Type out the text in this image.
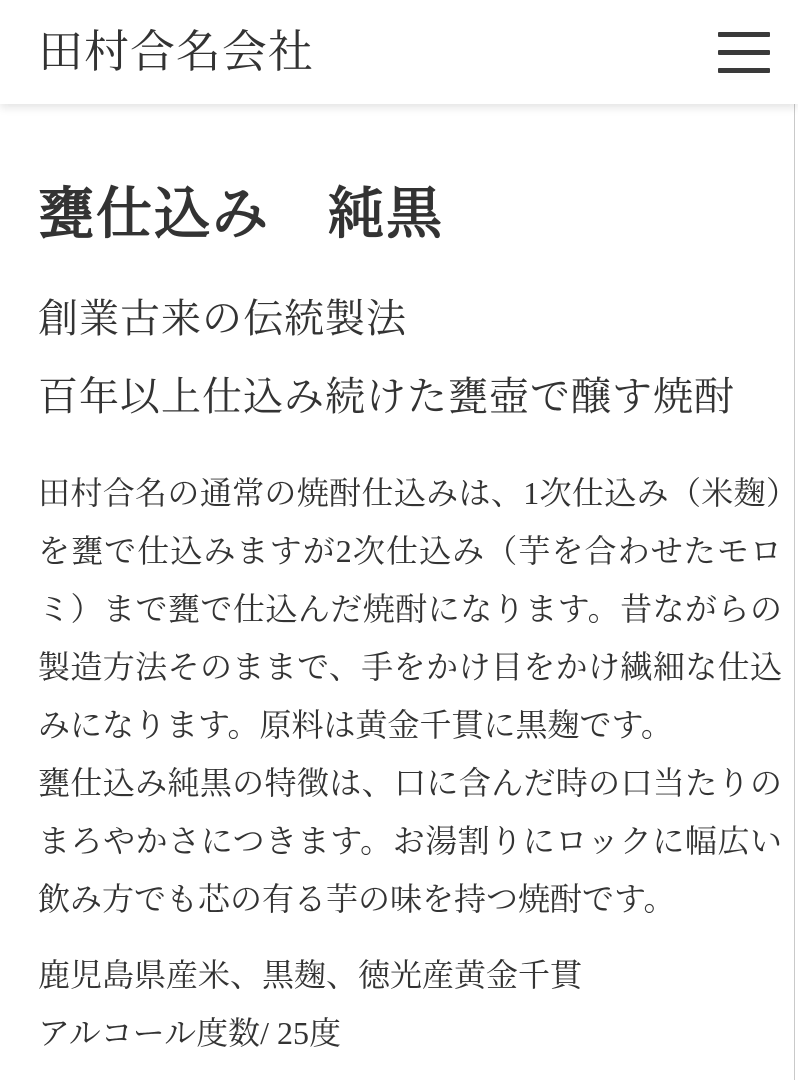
田村合名会社
甕仕込み　純黒

創業古来の伝統製法

百年以上仕込み続けた甕壺で醸す焼酎

田村合名の通常の焼酎仕込みは、1次仕込み（米麹）を甕で仕込みますが2次仕込み（芋を合わせたモロミ）まで甕で仕込んだ焼酎になります。昔ながらの製造方法そのままで、手をかけ目をかけ繊細な仕込みになります。原料は黄金千貫に黒麹です。

甕仕込み純黒の特徴は、口に含んだ時の口当たりのまろやかさにつきます。お湯割りにロックに幅広い飲み方でも芯の有る芋の味を持つ焼酎です。

鹿児島県産米、黒麹、徳光産黄金千貫

アルコール度数/ 25度
